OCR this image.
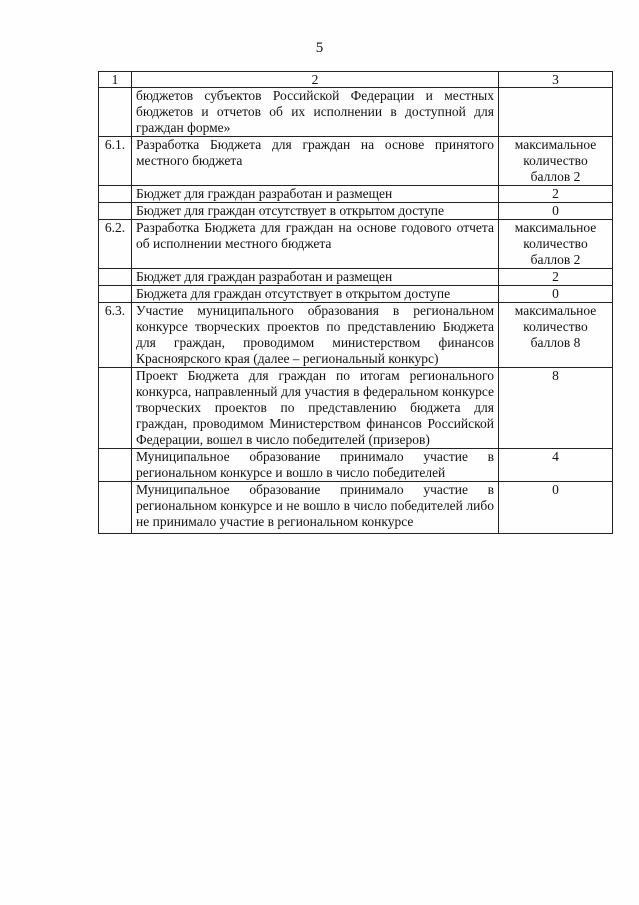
5
1	2	3
	бюджетов субъектов Российской Федерации и местных бюджетов и отчетов об их исполнении в доступной для граждан форме»	
6.1.	Разработка Бюджета для граждан на основе принятого местного бюджета	максимальное
количество
баллов 2

	Бюджет для граждан разработан и размещен	2
	Бюджет для граждан отсутствует в открытом доступе	0
6.2.	Разработка Бюджета для граждан на основе годового отчета об исполнении местного бюджета	максимальное
количество
баллов 2

	Бюджет для граждан разработан и размещен	2
	Бюджета для граждан отсутствует в открытом доступе	0
6.3.	Участие муниципального образования в региональном конкурсе творческих проектов по представлению Бюджета для граждан, проводимом министерством финансов Красноярского края (далее – региональный конкурс)	максимальное
количество
баллов 8

	Проект Бюджета для граждан по итогам регионального конкурса, направленный для участия в федеральном конкурсе творческих проектов по представлению бюджета для граждан, проводимом Министерством финансов Российской Федерации, вошел в число победителей (призеров)	8
	Муниципальное образование принимало участие в региональном конкурсе и вошло в число победителей	4
	Муниципальное образование принимало участие в региональном конкурсе и не вошло в число победителей либо не принимало участие в региональном конкурсе	0
